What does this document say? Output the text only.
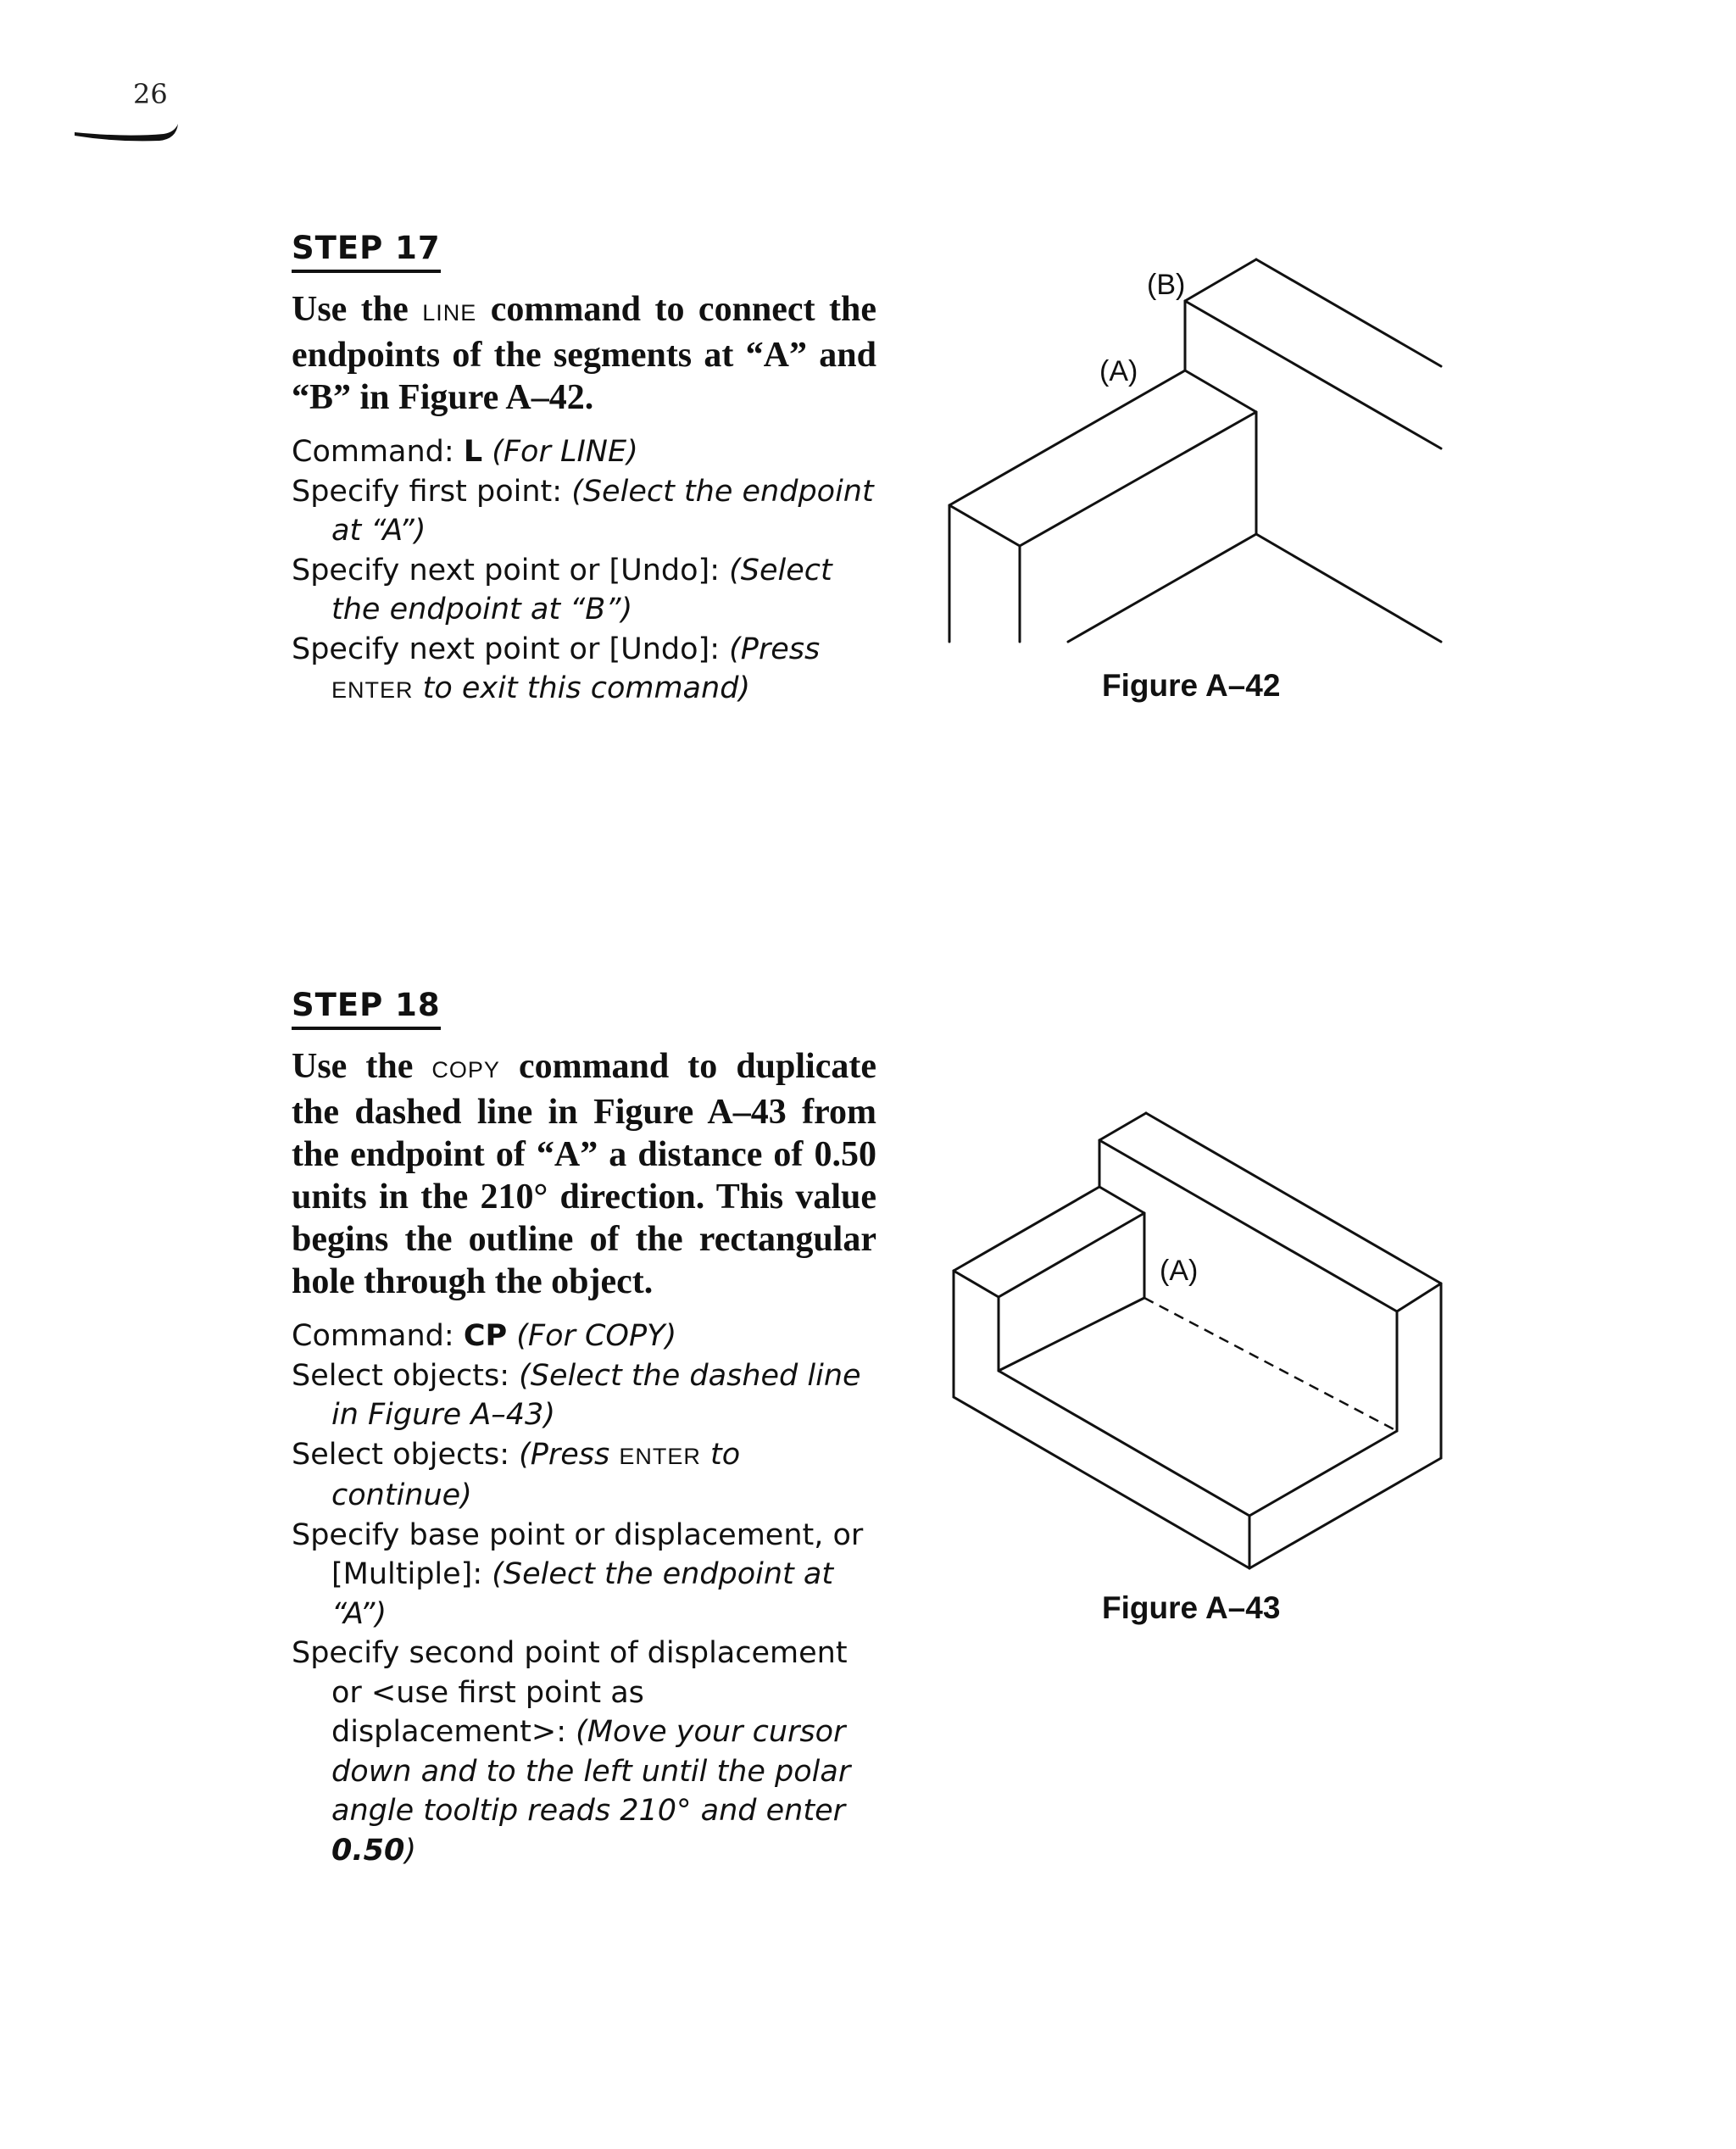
26
STEP 17

Use the LINE command to connect the endpoints of the segments at “A” and “B” in Figure A–42.

Command: L (For LINE)
Specify first point: (Select the endpoint at “A”)
Specify next point or [Undo]: (Select the endpoint at “B”)
Specify next point or [Undo]: (Press ENTER to exit this command)
(B)
(A)
Figure A–42
STEP 18

Use the COPY command to duplicate the dashed line in Figure A–43 from the endpoint of “A” a distance of 0.50 units in the 210° direction. This value begins the outline of the rectangular hole through the object.

Command: CP (For COPY)
Select objects: (Select the dashed line in Figure A–43)
Select objects: (Press ENTER to continue)
Specify base point or displacement, or [Multiple]: (Select the endpoint at “A”)
Specify second point of displacement or <use first point as displacement>: (Move your cursor down and to the left until the polar angle tooltip reads 210° and enter 0.50)
(A)
Figure A–43
